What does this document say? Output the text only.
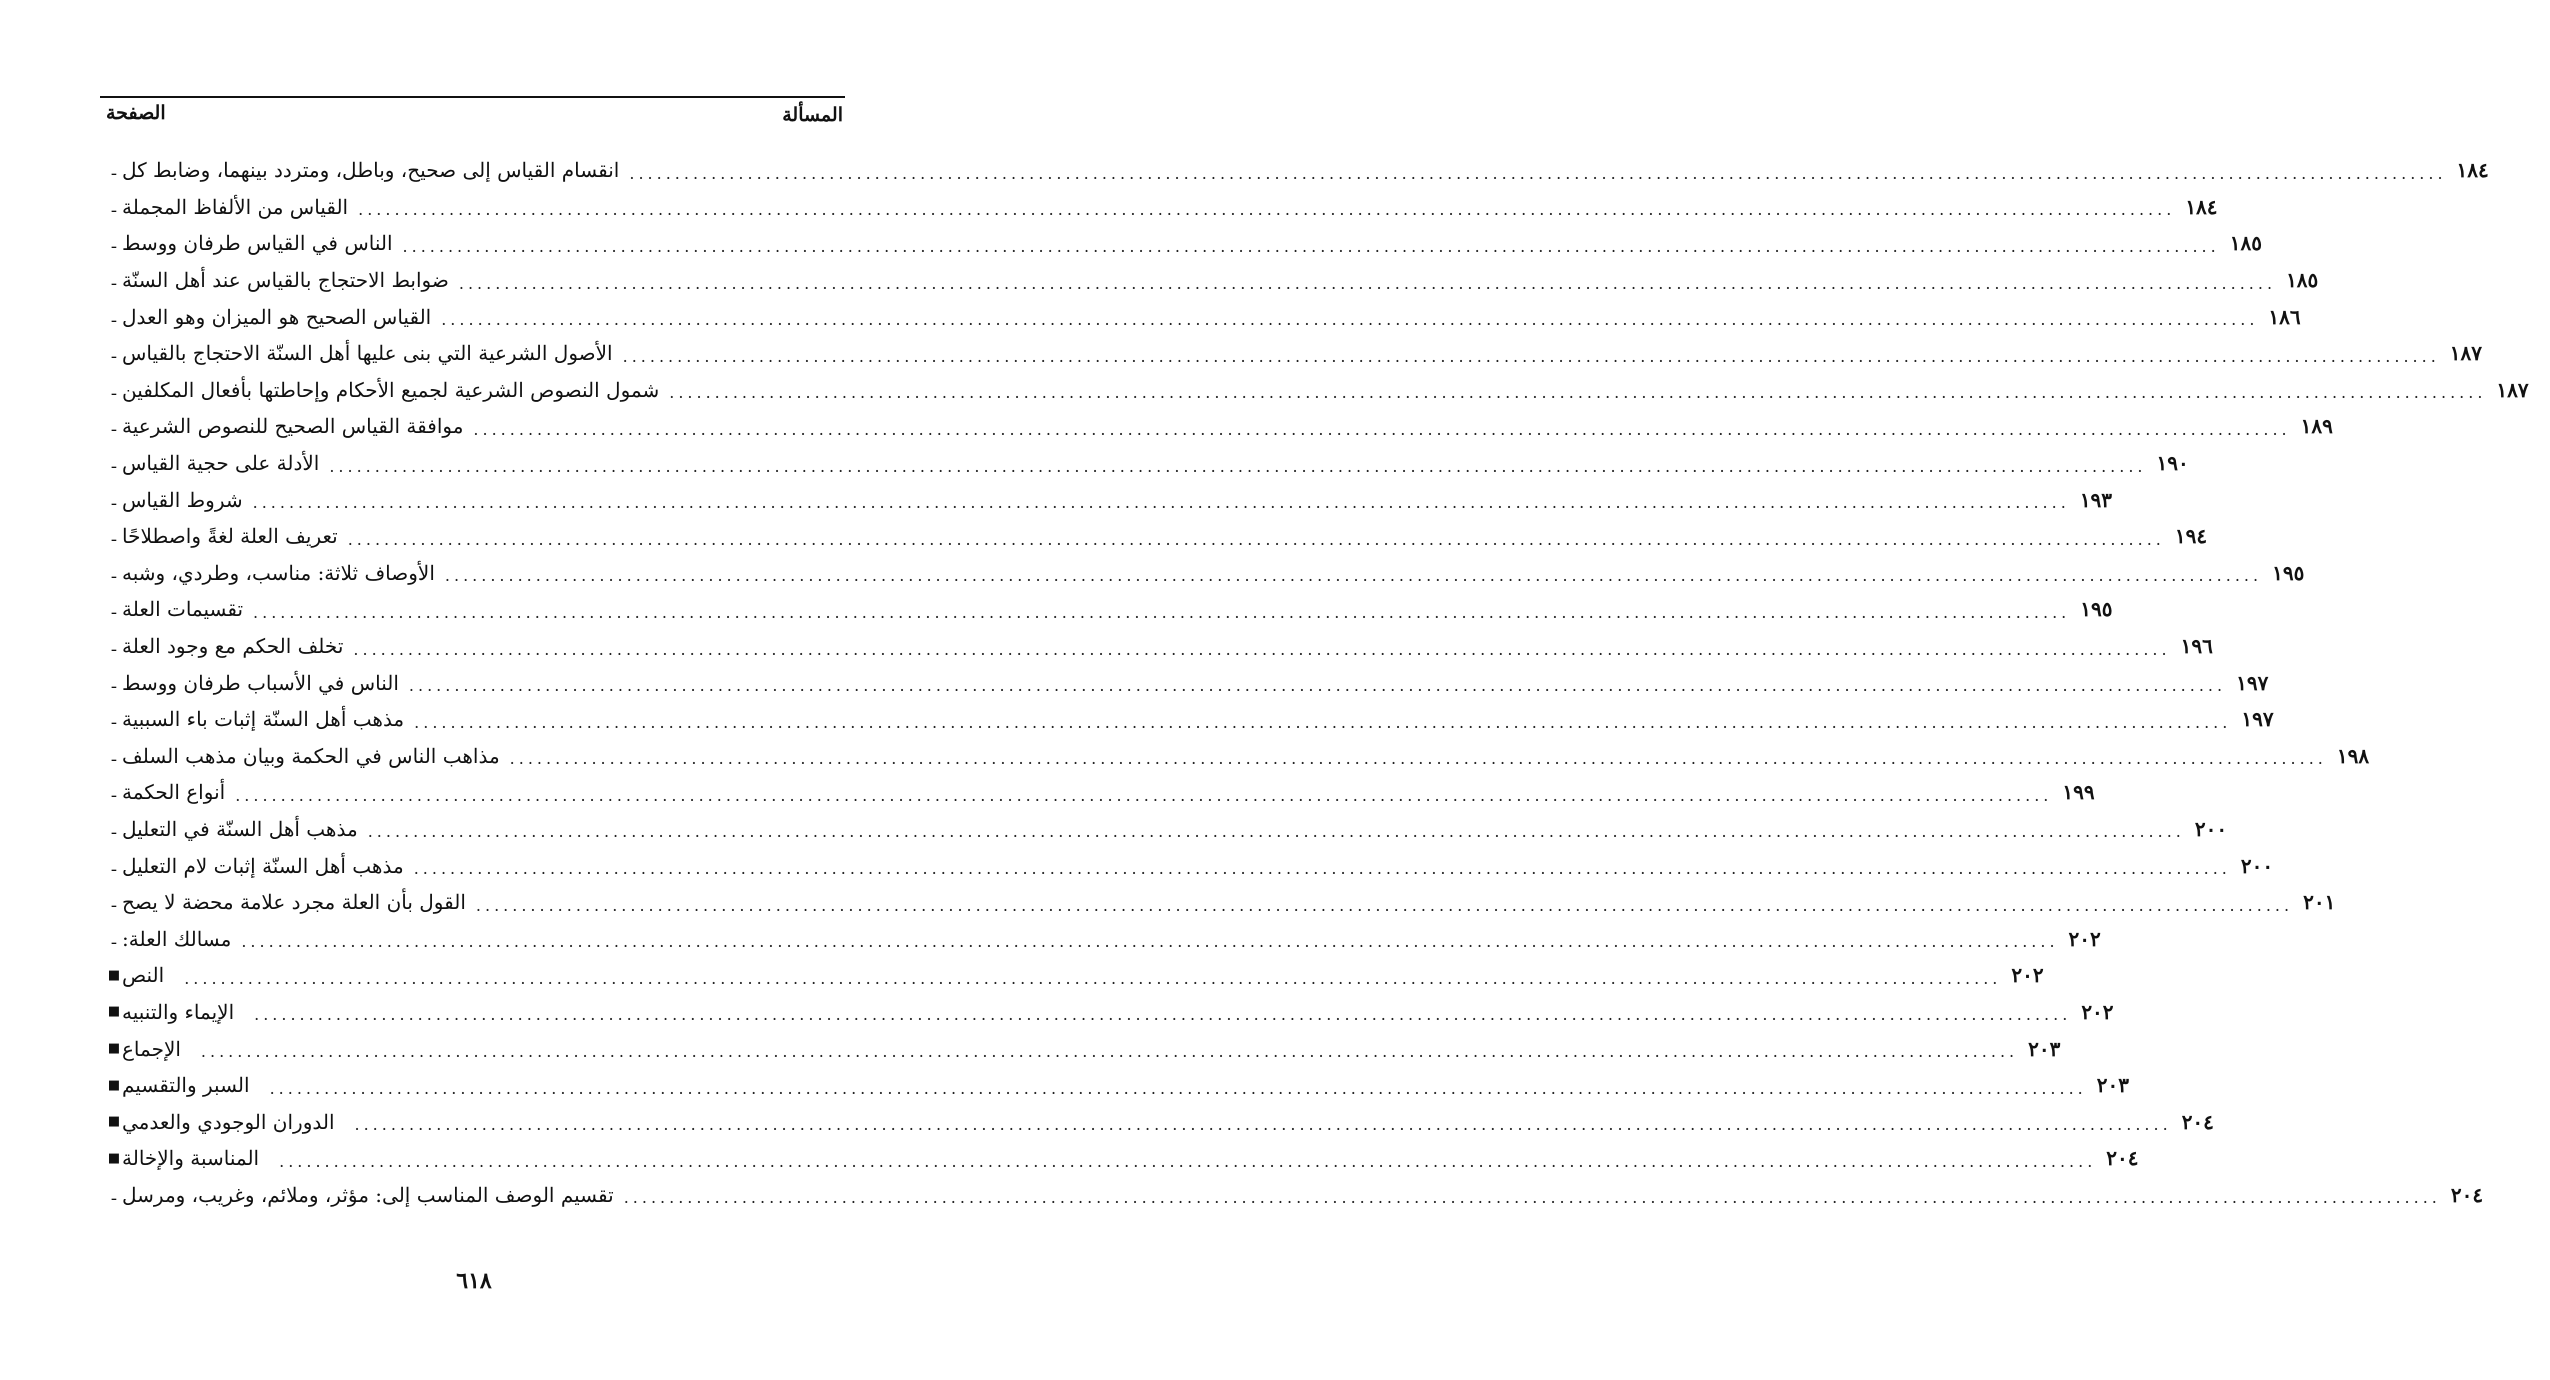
المسألة
الصفحة
ـ انقسام القياس إلى صحيح، وباطل، ومتردد بينهما، وضابط كل ........................................................................................................................................................................................................ ١٨٤
ـ القياس من الألفاظ المجملة ........................................................................................................................................................................................................ ١٨٤
ـ الناس في القياس طرفان ووسط ........................................................................................................................................................................................................ ١٨٥
ـ ضوابط الاحتجاج بالقياس عند أهل السنّة ........................................................................................................................................................................................................ ١٨٥
ـ القياس الصحيح هو الميزان وهو العدل ........................................................................................................................................................................................................ ١٨٦
ـ الأصول الشرعية التي بنى عليها أهل السنّة الاحتجاج بالقياس ........................................................................................................................................................................................................ ١٨٧
ـ شمول النصوص الشرعية لجميع الأحكام وإحاطتها بأفعال المكلفين ........................................................................................................................................................................................................ ١٨٧
ـ موافقة القياس الصحيح للنصوص الشرعية ........................................................................................................................................................................................................ ١٨٩
ـ الأدلة على حجية القياس ........................................................................................................................................................................................................ ١٩٠
ـ شروط القياس ........................................................................................................................................................................................................ ١٩٣
ـ تعريف العلة لغةً واصطلاحًا ........................................................................................................................................................................................................ ١٩٤
ـ الأوصاف ثلاثة: مناسب، وطردي، وشبه ........................................................................................................................................................................................................ ١٩٥
ـ تقسيمات العلة ........................................................................................................................................................................................................ ١٩٥
ـ تخلف الحكم مع وجود العلة ........................................................................................................................................................................................................ ١٩٦
ـ الناس في الأسباب طرفان ووسط ........................................................................................................................................................................................................ ١٩٧
ـ مذهب أهل السنّة إثبات باء السببية ........................................................................................................................................................................................................ ١٩٧
ـ مذاهب الناس في الحكمة وبيان مذهب السلف ........................................................................................................................................................................................................ ١٩٨
ـ أنواع الحكمة ........................................................................................................................................................................................................ ١٩٩
ـ مذهب أهل السنّة في التعليل ........................................................................................................................................................................................................ ٢٠٠
ـ مذهب أهل السنّة إثبات لام التعليل ........................................................................................................................................................................................................ ٢٠٠
ـ القول بأن العلة مجرد علامة محضة لا يصح ........................................................................................................................................................................................................ ٢٠١
ـ مسالك العلة: ........................................................................................................................................................................................................ ٢٠٢
■ النص ........................................................................................................................................................................................................ ٢٠٢
■ الإيماء والتنبيه ........................................................................................................................................................................................................ ٢٠٢
■ الإجماع ........................................................................................................................................................................................................ ٢٠٣
■ السبر والتقسيم ........................................................................................................................................................................................................ ٢٠٣
■ الدوران الوجودي والعدمي ........................................................................................................................................................................................................ ٢٠٤
■ المناسبة والإخالة ........................................................................................................................................................................................................ ٢٠٤
ـ تقسيم الوصف المناسب إلى: مؤثر، وملائم، وغريب، ومرسل ........................................................................................................................................................................................................ ٢٠٤
٦١٨
